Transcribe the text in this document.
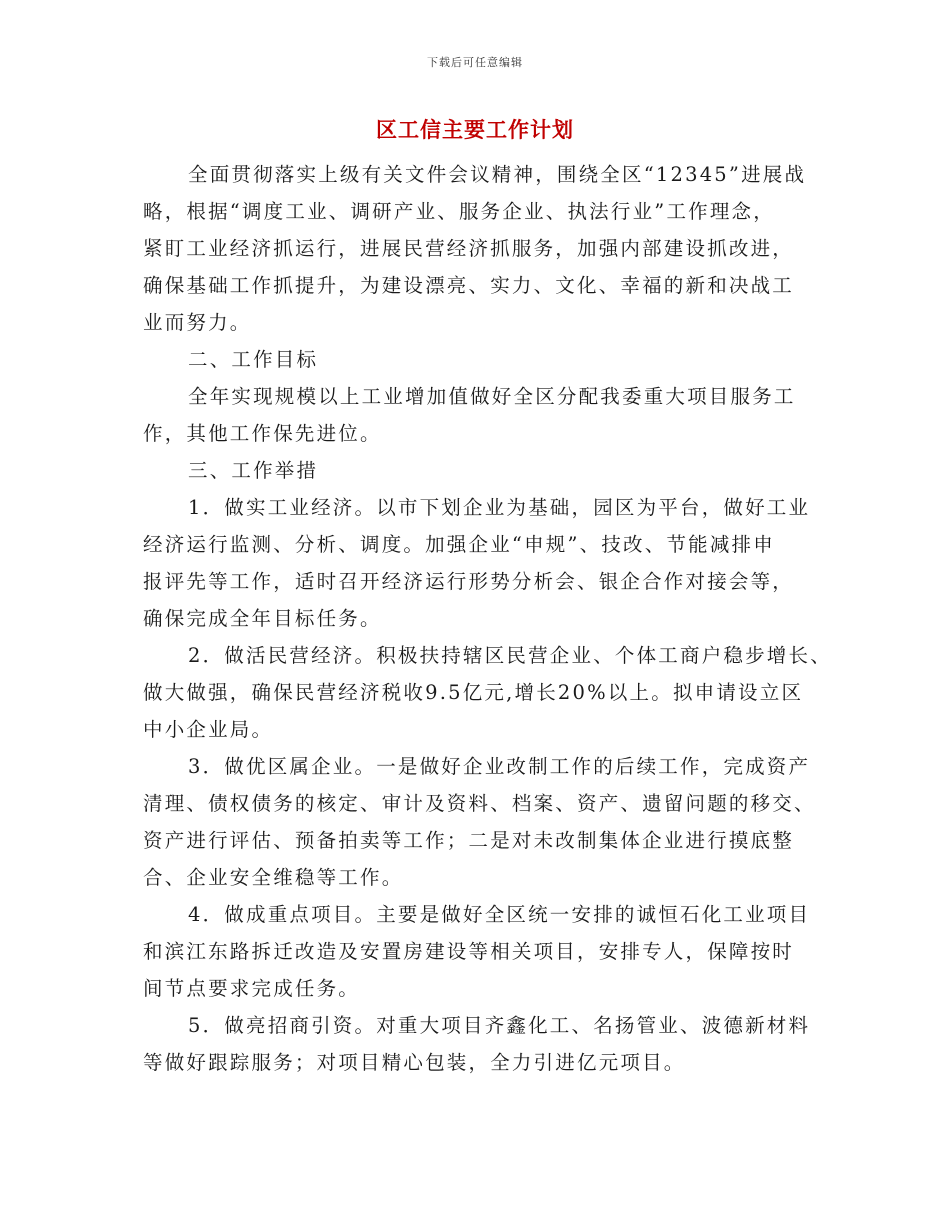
下载后可任意编辑
区工信主要工作计划
全面贯彻落实上级有关文件会议精神，围绕全区“12345”进展战
略，根据“调度工业、调研产业、服务企业、执法行业”工作理念，
紧盯工业经济抓运行，进展民营经济抓服务，加强内部建设抓改进，
确保基础工作抓提升，为建设漂亮、实力、文化、幸福的新和决战工
业而努力。
二、工作目标
全年实现规模以上工业增加值做好全区分配我委重大项目服务工
作，其他工作保先进位。
三、工作举措
1．做实工业经济。以市下划企业为基础，园区为平台，做好工业
经济运行监测、分析、调度。加强企业“申规”、技改、节能减排申
报评先等工作，适时召开经济运行形势分析会、银企合作对接会等，
确保完成全年目标任务。
2．做活民营经济。积极扶持辖区民营企业、个体工商户稳步增长、
做大做强，确保民营经济税收9.5亿元,增长20%以上。拟申请设立区
中小企业局。
3．做优区属企业。一是做好企业改制工作的后续工作，完成资产
清理、债权债务的核定、审计及资料、档案、资产、遗留问题的移交、
资产进行评估、预备拍卖等工作；二是对未改制集体企业进行摸底整
合、企业安全维稳等工作。
4．做成重点项目。主要是做好全区统一安排的诚恒石化工业项目
和滨江东路拆迁改造及安置房建设等相关项目，安排专人，保障按时
间节点要求完成任务。
5．做亮招商引资。对重大项目齐鑫化工、名扬管业、波德新材料
等做好跟踪服务；对项目精心包装，全力引进亿元项目。
